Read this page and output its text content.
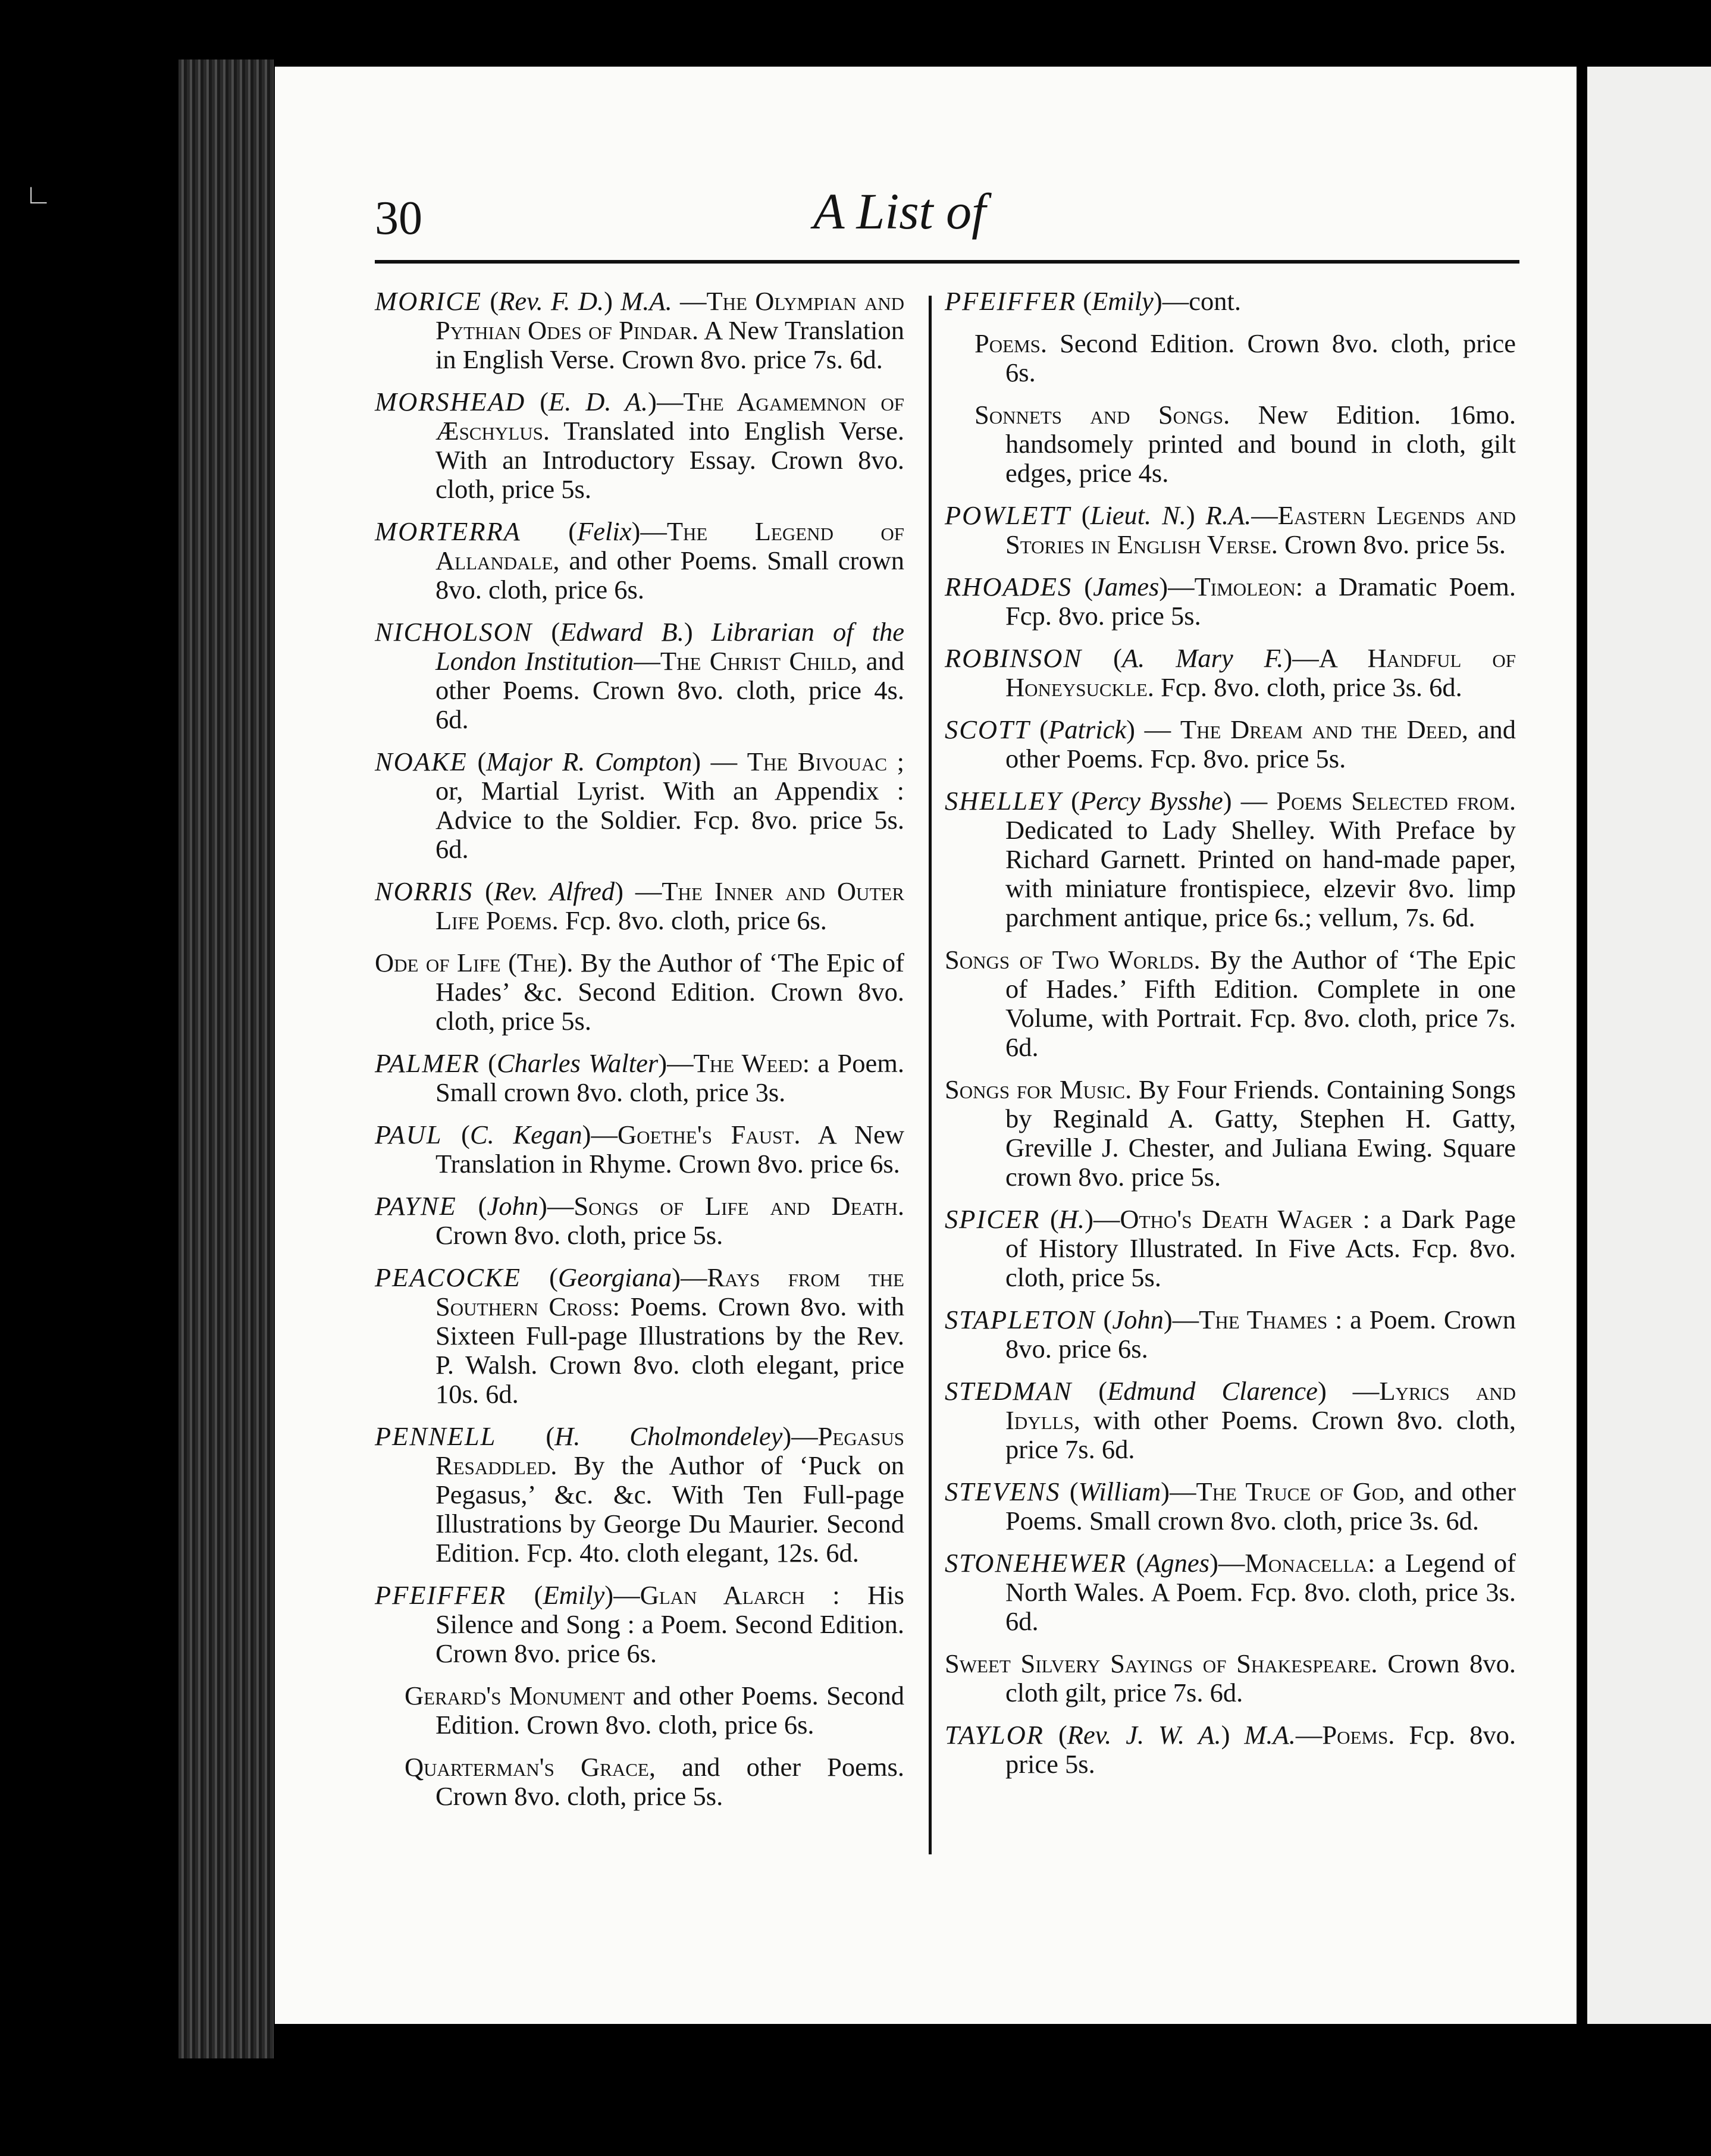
∟	30	A List of

MORICE (Rev. F. D.) M.A. —The Olympian and Pythian Odes of Pindar. A New Translation in English Verse. Crown 8vo. price 7s. 6d.

MORSHEAD (E. D. A.)—The Agamemnon of Æschylus. Translated into English Verse. With an Introductory Essay. Crown 8vo. cloth, price 5s.

MORTERRA (Felix)—The Legend of Allandale, and other Poems. Small crown 8vo. cloth, price 6s.

NICHOLSON (Edward B.) Librarian of the London Institution—The Christ Child, and other Poems. Crown 8vo. cloth, price 4s. 6d.

NOAKE (Major R. Compton) — The Bivouac ; or, Martial Lyrist. With an Appendix : Advice to the Soldier. Fcp. 8vo. price 5s. 6d.

NORRIS (Rev. Alfred) —The Inner and Outer Life Poems. Fcp. 8vo. cloth, price 6s.

Ode of Life (The). By the Author of ‘The Epic of Hades’ &c. Second Edition. Crown 8vo. cloth, price 5s.

PALMER (Charles Walter)—The Weed: a Poem. Small crown 8vo. cloth, price 3s.

PAUL (C. Kegan)—Goethe's Faust. A New Translation in Rhyme. Crown 8vo. price 6s.

PAYNE (John)—Songs of Life and Death. Crown 8vo. cloth, price 5s.

PEACOCKE (Georgiana)—Rays from the Southern Cross: Poems. Crown 8vo. with Sixteen Full-page Illustrations by the Rev. P. Walsh. Crown 8vo. cloth elegant, price 10s. 6d.

PENNELL (H. Cholmondeley)—Pegasus Resaddled. By the Author of ‘Puck on Pegasus,’ &c. &c. With Ten Full-page Illustrations by George Du Maurier. Second Edition. Fcp. 4to. cloth elegant, 12s. 6d.

PFEIFFER (Emily)—Glan Alarch : His Silence and Song : a Poem. Second Edition. Crown 8vo. price 6s.

Gerard's Monument and other Poems. Second Edition. Crown 8vo. cloth, price 6s.

Quarterman's Grace, and other Poems. Crown 8vo. cloth, price 5s.

PFEIFFER (Emily)—cont.

Poems. Second Edition. Crown 8vo. cloth, price 6s.

Sonnets and Songs. New Edition. 16mo. handsomely printed and bound in cloth, gilt edges, price 4s.

POWLETT (Lieut. N.) R.A.—Eastern Legends and Stories in English Verse. Crown 8vo. price 5s.

RHOADES (James)—Timoleon: a Dramatic Poem. Fcp. 8vo. price 5s.

ROBINSON (A. Mary F.)—A Handful of Honeysuckle. Fcp. 8vo. cloth, price 3s. 6d.

SCOTT (Patrick) — The Dream and the Deed, and other Poems. Fcp. 8vo. price 5s.

SHELLEY (Percy Bysshe) — Poems Selected from. Dedicated to Lady Shelley. With Preface by Richard Garnett. Printed on hand-made paper, with miniature frontispiece, elzevir 8vo. limp parchment antique, price 6s.; vellum, 7s. 6d.

Songs of Two Worlds. By the Author of ‘The Epic of Hades.’ Fifth Edition. Complete in one Volume, with Portrait. Fcp. 8vo. cloth, price 7s. 6d.

Songs for Music. By Four Friends. Containing Songs by Reginald A. Gatty, Stephen H. Gatty, Greville J. Chester, and Juliana Ewing. Square crown 8vo. price 5s.

SPICER (H.)—Otho's Death Wager : a Dark Page of History Illustrated. In Five Acts. Fcp. 8vo. cloth, price 5s.

STAPLETON (John)—The Thames : a Poem. Crown 8vo. price 6s.

STEDMAN (Edmund Clarence) —Lyrics and Idylls, with other Poems. Crown 8vo. cloth, price 7s. 6d.

STEVENS (William)—The Truce of God, and other Poems. Small crown 8vo. cloth, price 3s. 6d.

STONEHEWER (Agnes)—Monacella: a Legend of North Wales. A Poem. Fcp. 8vo. cloth, price 3s. 6d.

Sweet Silvery Sayings of Shakespeare. Crown 8vo. cloth gilt, price 7s. 6d.

TAYLOR (Rev. J. W. A.) M.A.—Poems. Fcp. 8vo. price 5s.
